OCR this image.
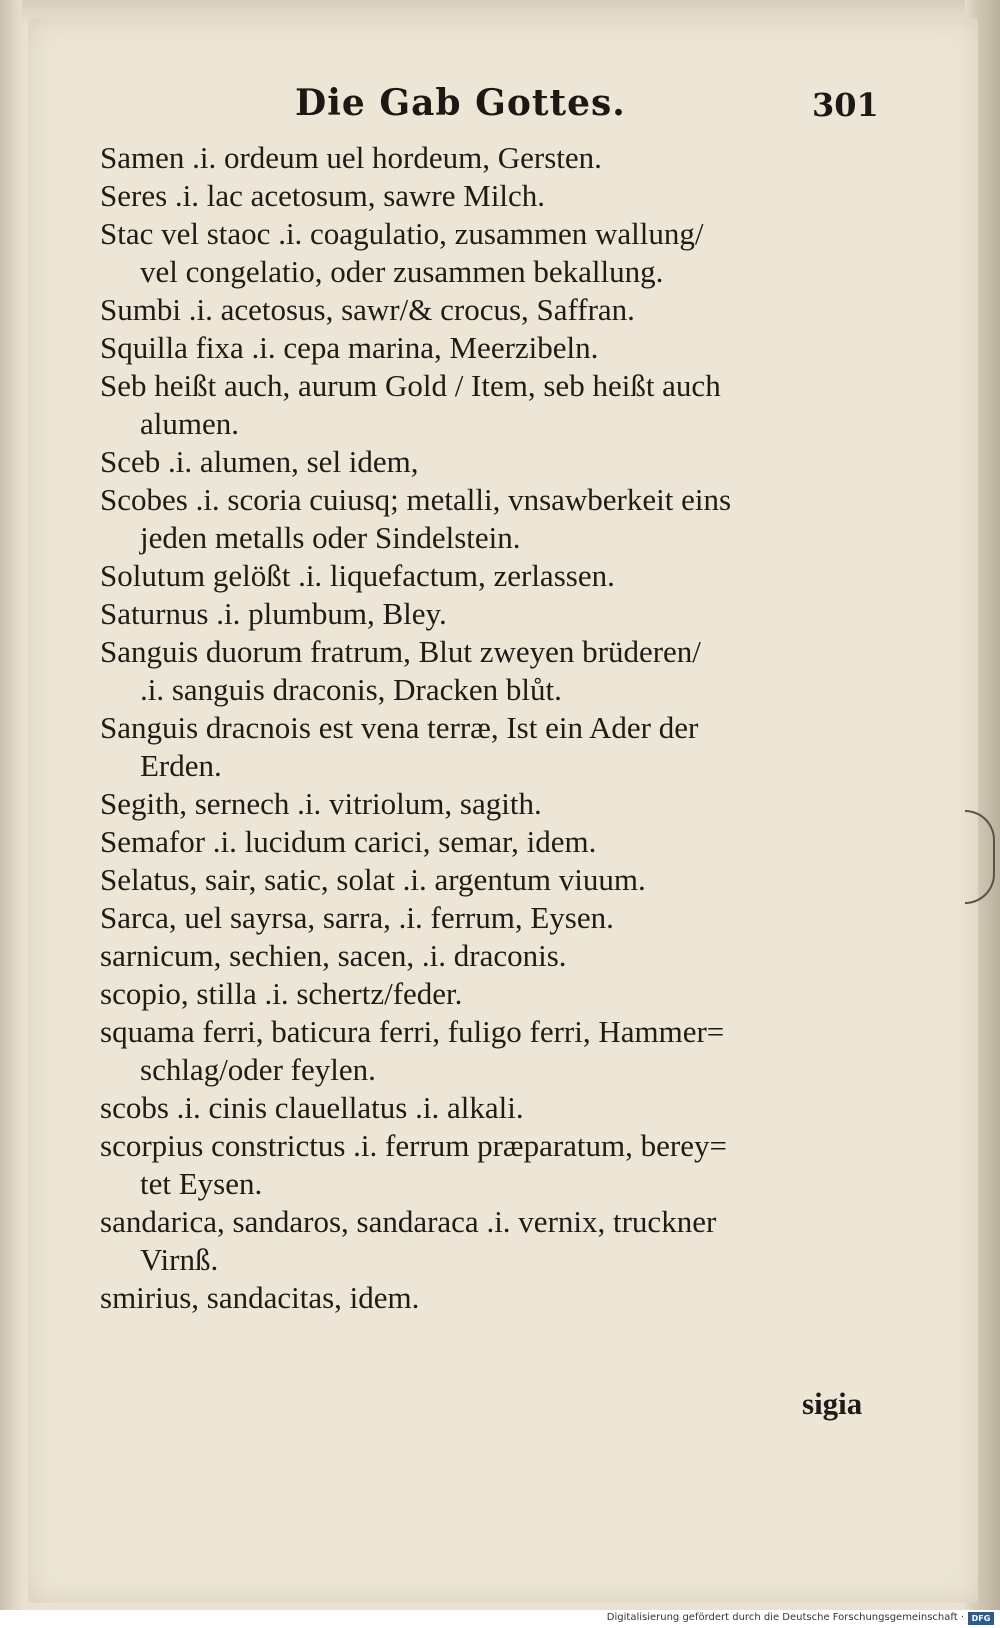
Die Gab Gottes.	301
Samen .i. ordeum uel hordeum, Gersten.
Seres .i. lac acetosum, sawre Milch.
Stac vel staoc .i. coagulatio, zusammen wallung/
vel congelatio, oder zusammen bekallung.
Sumbi .i. acetosus, sawr/& crocus, Saffran.
Squilla fixa .i. cepa marina, Meerzibeln.
Seb heißt auch, aurum Gold / Item, seb heißt auch
alumen.
Sceb .i. alumen, sel idem,
Scobes .i. scoria cuiusq; metalli, vnsawberkeit eins
jeden metalls oder Sindelstein.
Solutum gelößt .i. liquefactum, zerlassen.
Saturnus .i. plumbum, Bley.
Sanguis duorum fratrum, Blut zweyen brüderen/
.i. sanguis draconis, Dracken blůt.
Sanguis dracnois est vena terræ, Ist ein Ader der
Erden.
Segith, sernech .i. vitriolum, sagith.
Semafor .i. lucidum carici, semar, idem.
Selatus, sair, satic, solat .i. argentum viuum.
Sarca, uel sayrsa, sarra, .i. ferrum, Eysen.
sarnicum, sechien, sacen, .i. draconis.
scopio, stilla .i. schertz/feder.
squama ferri, baticura ferri, fuligo ferri, Hammer=
schlag/oder feylen.
scobs .i. cinis clauellatus .i. alkali.
scorpius constrictus .i. ferrum præparatum, berey=
tet Eysen.
sandarica, sandaros, sandaraca .i. vernix, truckner
Virnß.
smirius, sandacitas, idem.
sigia
Digitalisierung gefördert durch die Deutsche Forschungsgemeinschaft · DFG
